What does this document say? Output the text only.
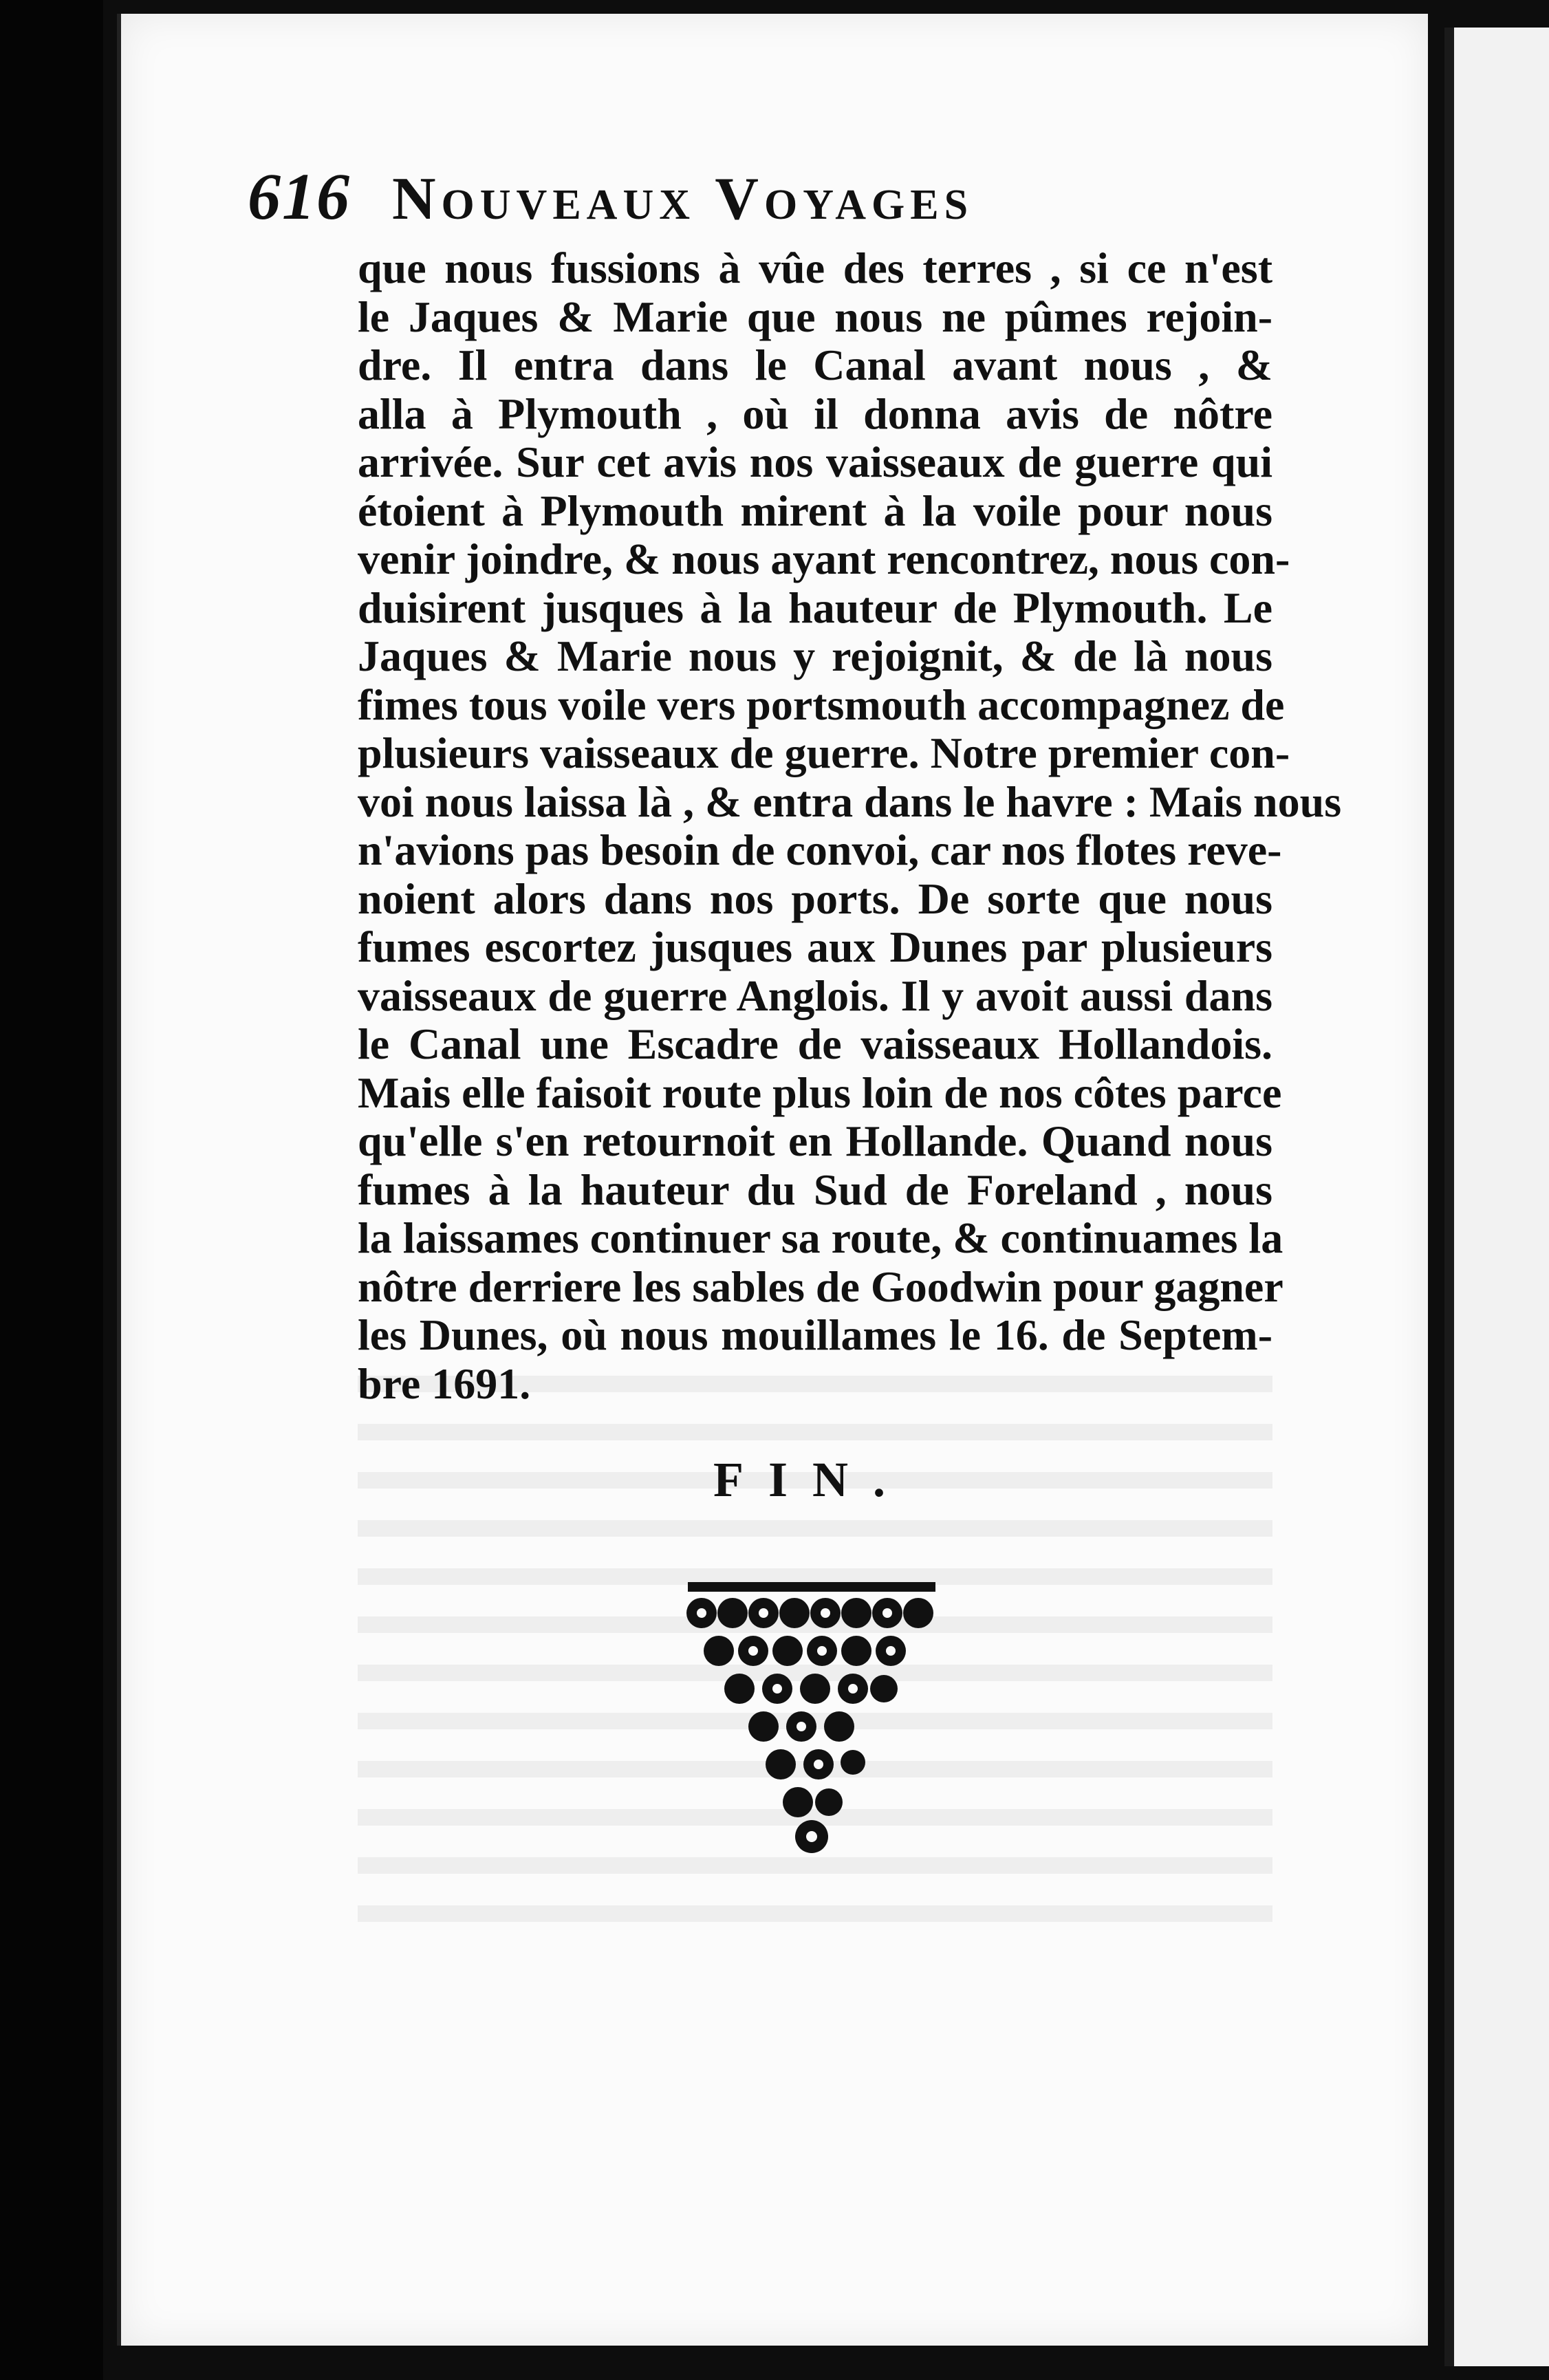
616 Nouveaux Voyages
que nous fussions à vûe des terres , si ce n'est
le Jaques & Marie que nous ne pûmes rejoin-
dre. Il entra dans le Canal avant nous , &
alla à Plymouth , où il donna avis de nôtre
arrivée. Sur cet avis nos vaisseaux de guerre qui
étoient à Plymouth mirent à la voile pour nous
venir joindre, & nous ayant rencontrez, nous con-
duisirent jusques à la hauteur de Plymouth. Le
Jaques & Marie nous y rejoignit, & de là nous
fimes tous voile vers portsmouth accompagnez de
plusieurs vaisseaux de guerre. Notre premier con-
voi nous laissa là , & entra dans le havre : Mais nous
n'avions pas besoin de convoi, car nos flotes reve-
noient alors dans nos ports. De sorte que nous
fumes escortez jusques aux Dunes par plusieurs
vaisseaux de guerre Anglois. Il y avoit aussi dans
le Canal une Escadre de vaisseaux Hollandois.
Mais elle faisoit route plus loin de nos côtes parce
qu'elle s'en retournoit en Hollande. Quand nous
fumes à la hauteur du Sud de Foreland , nous
la laissames continuer sa route, & continuames la
nôtre derriere les sables de Goodwin pour gagner
les Dunes, où nous mouillames le 16. de Septem-
bre 1691.
FIN.
